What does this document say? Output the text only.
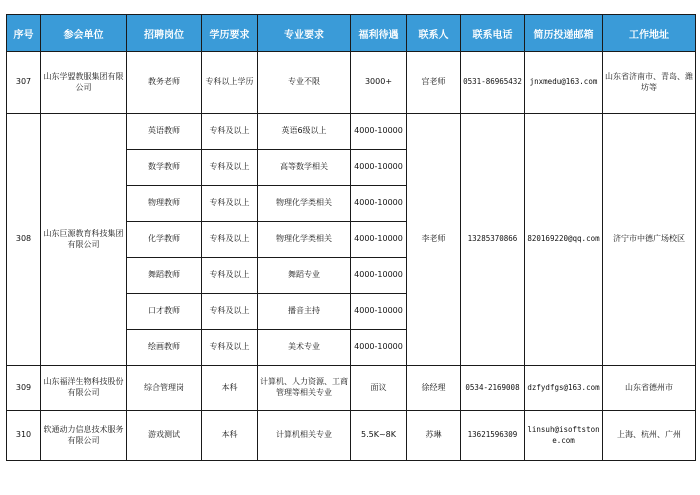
序号	参会单位	招聘岗位	学历要求	专业要求	福利待遇	联系人	联系电话	简历投递邮箱	工作地址
307	山东学盟教服集团有限公司	教务老师	专科以上学历	专业不限	3000+	宫老师	0531-86965432	jnxmedu@163.com	山东省济南市、青岛、潍坊等
308	山东巨源教育科技集团有限公司	英语教师	专科及以上	英语6级以上	4000-10000	李老师	13285370866	820169220@qq.com	济宁市中德广场校区
		数学教师	专科及以上	高等数学相关	4000-10000				
		物理教师	专科及以上	物理化学类相关	4000-10000				
		化学教师	专科及以上	物理化学类相关	4000-10000				
		舞蹈教师	专科及以上	舞蹈专业	4000-10000				
		口才教师	专科及以上	播音主持	4000-10000				
		绘画教师	专科及以上	美术专业	4000-10000				
309	山东福洋生物科技股份有限公司	综合管理岗	本科	计算机、人力资源、工商管理等相关专业	面议	徐经理	0534-2169008	dzfydfgs@163.com	山东省德州市
310	软通动力信息技术服务有限公司	游戏测试	本科	计算机相关专业	5.5K~8K	苏琳	13621596309	linsuh@isoftstone.com	上海、杭州、广州
